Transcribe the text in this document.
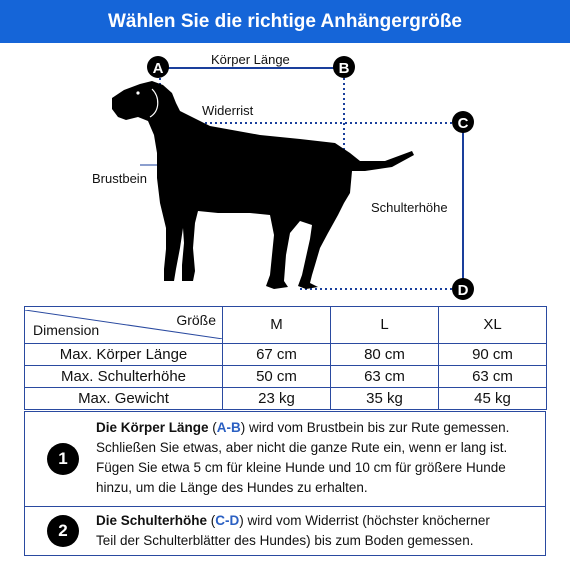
Wählen Sie die richtige Anhängergröße
A	B
C
D
Körper Länge
Widerrist
Brustbein
Schulterhöhe
Größe
Dimension	M	L	XL
Max. Körper Länge	67 cm	80 cm	90 cm
Max. Schulterhöhe	50 cm	63 cm	63 cm
Max. Gewicht	23 kg	35 kg	45 kg
1
Die Körper Länge (A-B) wird vom Brustbein bis zur Rute gemessen.
Schließen Sie etwas, aber nicht die ganze Rute ein, wenn er lang ist.
Fügen Sie etwa 5 cm für kleine Hunde und 10 cm für größere Hunde
hinzu, um die Länge des Hundes zu erhalten.
2
Die Schulterhöhe (C-D) wird vom Widerrist (höchster knöcherner
Teil der Schulterblätter des Hundes) bis zum Boden gemessen.
